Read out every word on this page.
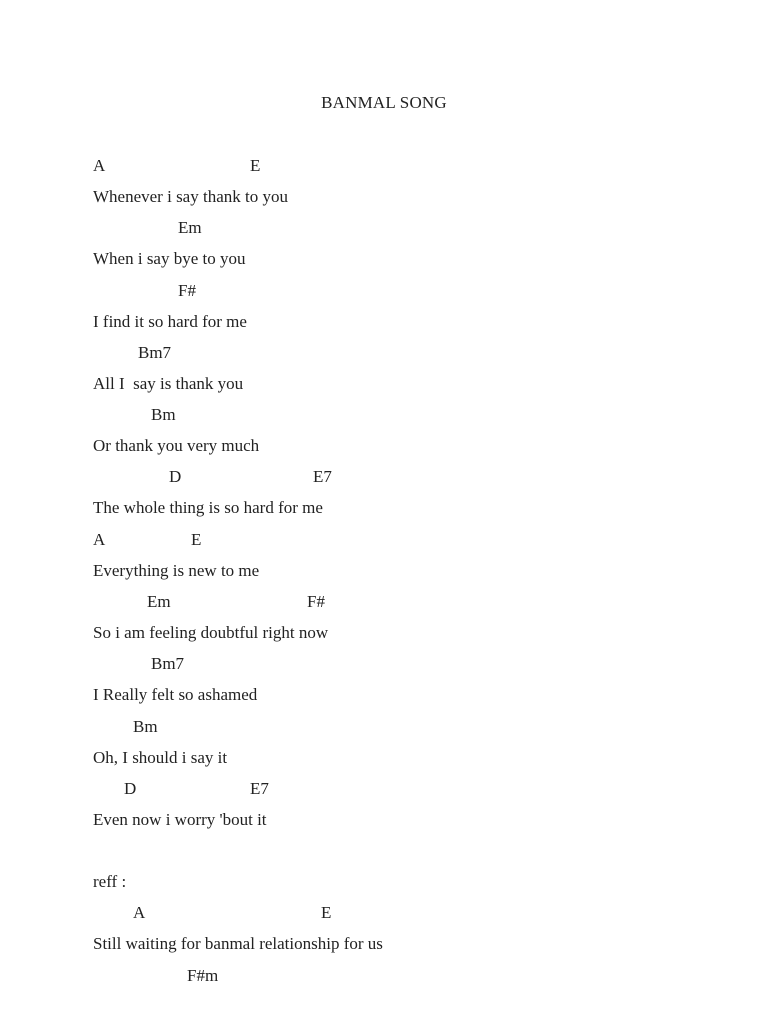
BANMAL SONG
A	E
Whenever i say thank to you
Em
When i say bye to you
F#
I find it so hard for me
Bm7
All I  say is thank you
Bm
Or thank you very much
D	E7
The whole thing is so hard for me
A	E
Everything is new to me
Em	F#
So i am feeling doubtful right now
Bm7
I Really felt so ashamed
Bm
Oh, I should i say it
D	E7
Even now i worry 'bout it
reff :
A	E
Still waiting for banmal relationship for us
F#m
